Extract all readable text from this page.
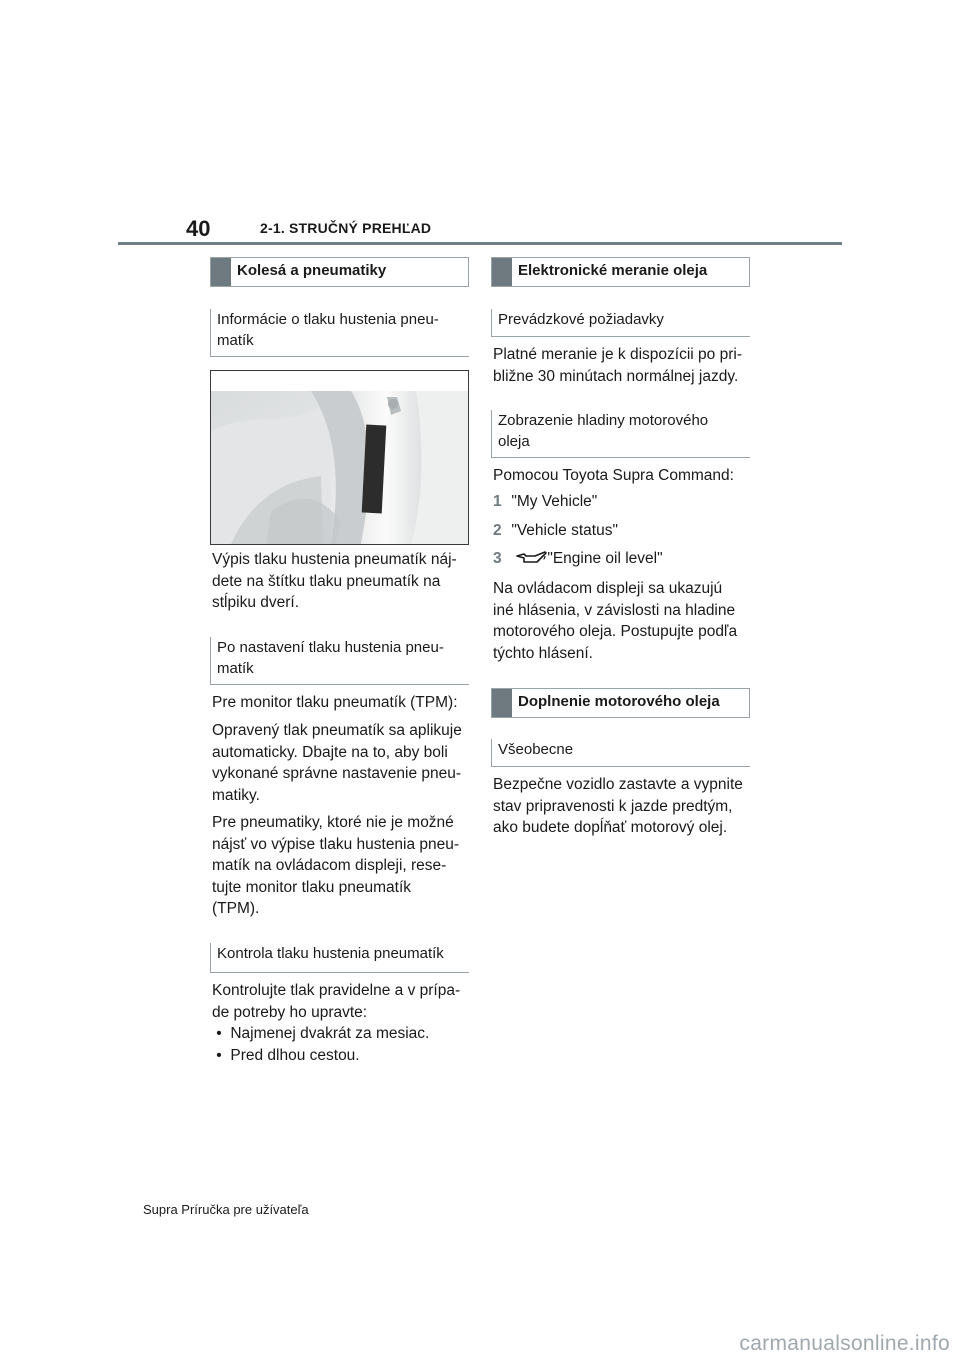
40	2-1. STRUČNÝ PREHĽAD
Kolesá a pneumatiky
Informácie o tlaku hustenia pneu-
matík
Výpis tlaku hustenia pneumatík náj-
dete na štítku tlaku pneumatík na
stĺpiku dverí.
Po nastavení tlaku hustenia pneu-
matík
Pre monitor tlaku pneumatík (TPM):
Opravený tlak pneumatík sa aplikuje
automaticky. Dbajte na to, aby boli
vykonané správne nastavenie pneu-
matiky.
Pre pneumatiky, ktoré nie je možné
nájsť vo výpise tlaku hustenia pneu-
matík na ovládacom displeji, rese-
tujte monitor tlaku pneumatík
(TPM).
Kontrola tlaku hustenia pneumatík
Kontrolujte tlak pravidelne a v prípa-
de potreby ho upravte:
•  Najmenej dvakrát za mesiac.
•  Pred dlhou cestou.
Elektronické meranie oleja
Prevádzkové požiadavky
Platné meranie je k dispozícii po pri-
bližne 30 minútach normálnej jazdy.
Zobrazenie hladiny motorového
oleja
Pomocou Toyota Supra Command:
1 "My Vehicle"
2 "Vehicle status"
3	"Engine oil level"
Na ovládacom displeji sa ukazujú
iné hlásenia, v závislosti na hladine
motorového oleja. Postupujte podľa
týchto hlásení.
Doplnenie motorového oleja
Všeobecne
Bezpečne vozidlo zastavte a vypnite
stav pripravenosti k jazde predtým,
ako budete dopĺňať motorový olej.
Supra Príručka pre užívateľa
carmanualsonline.info
